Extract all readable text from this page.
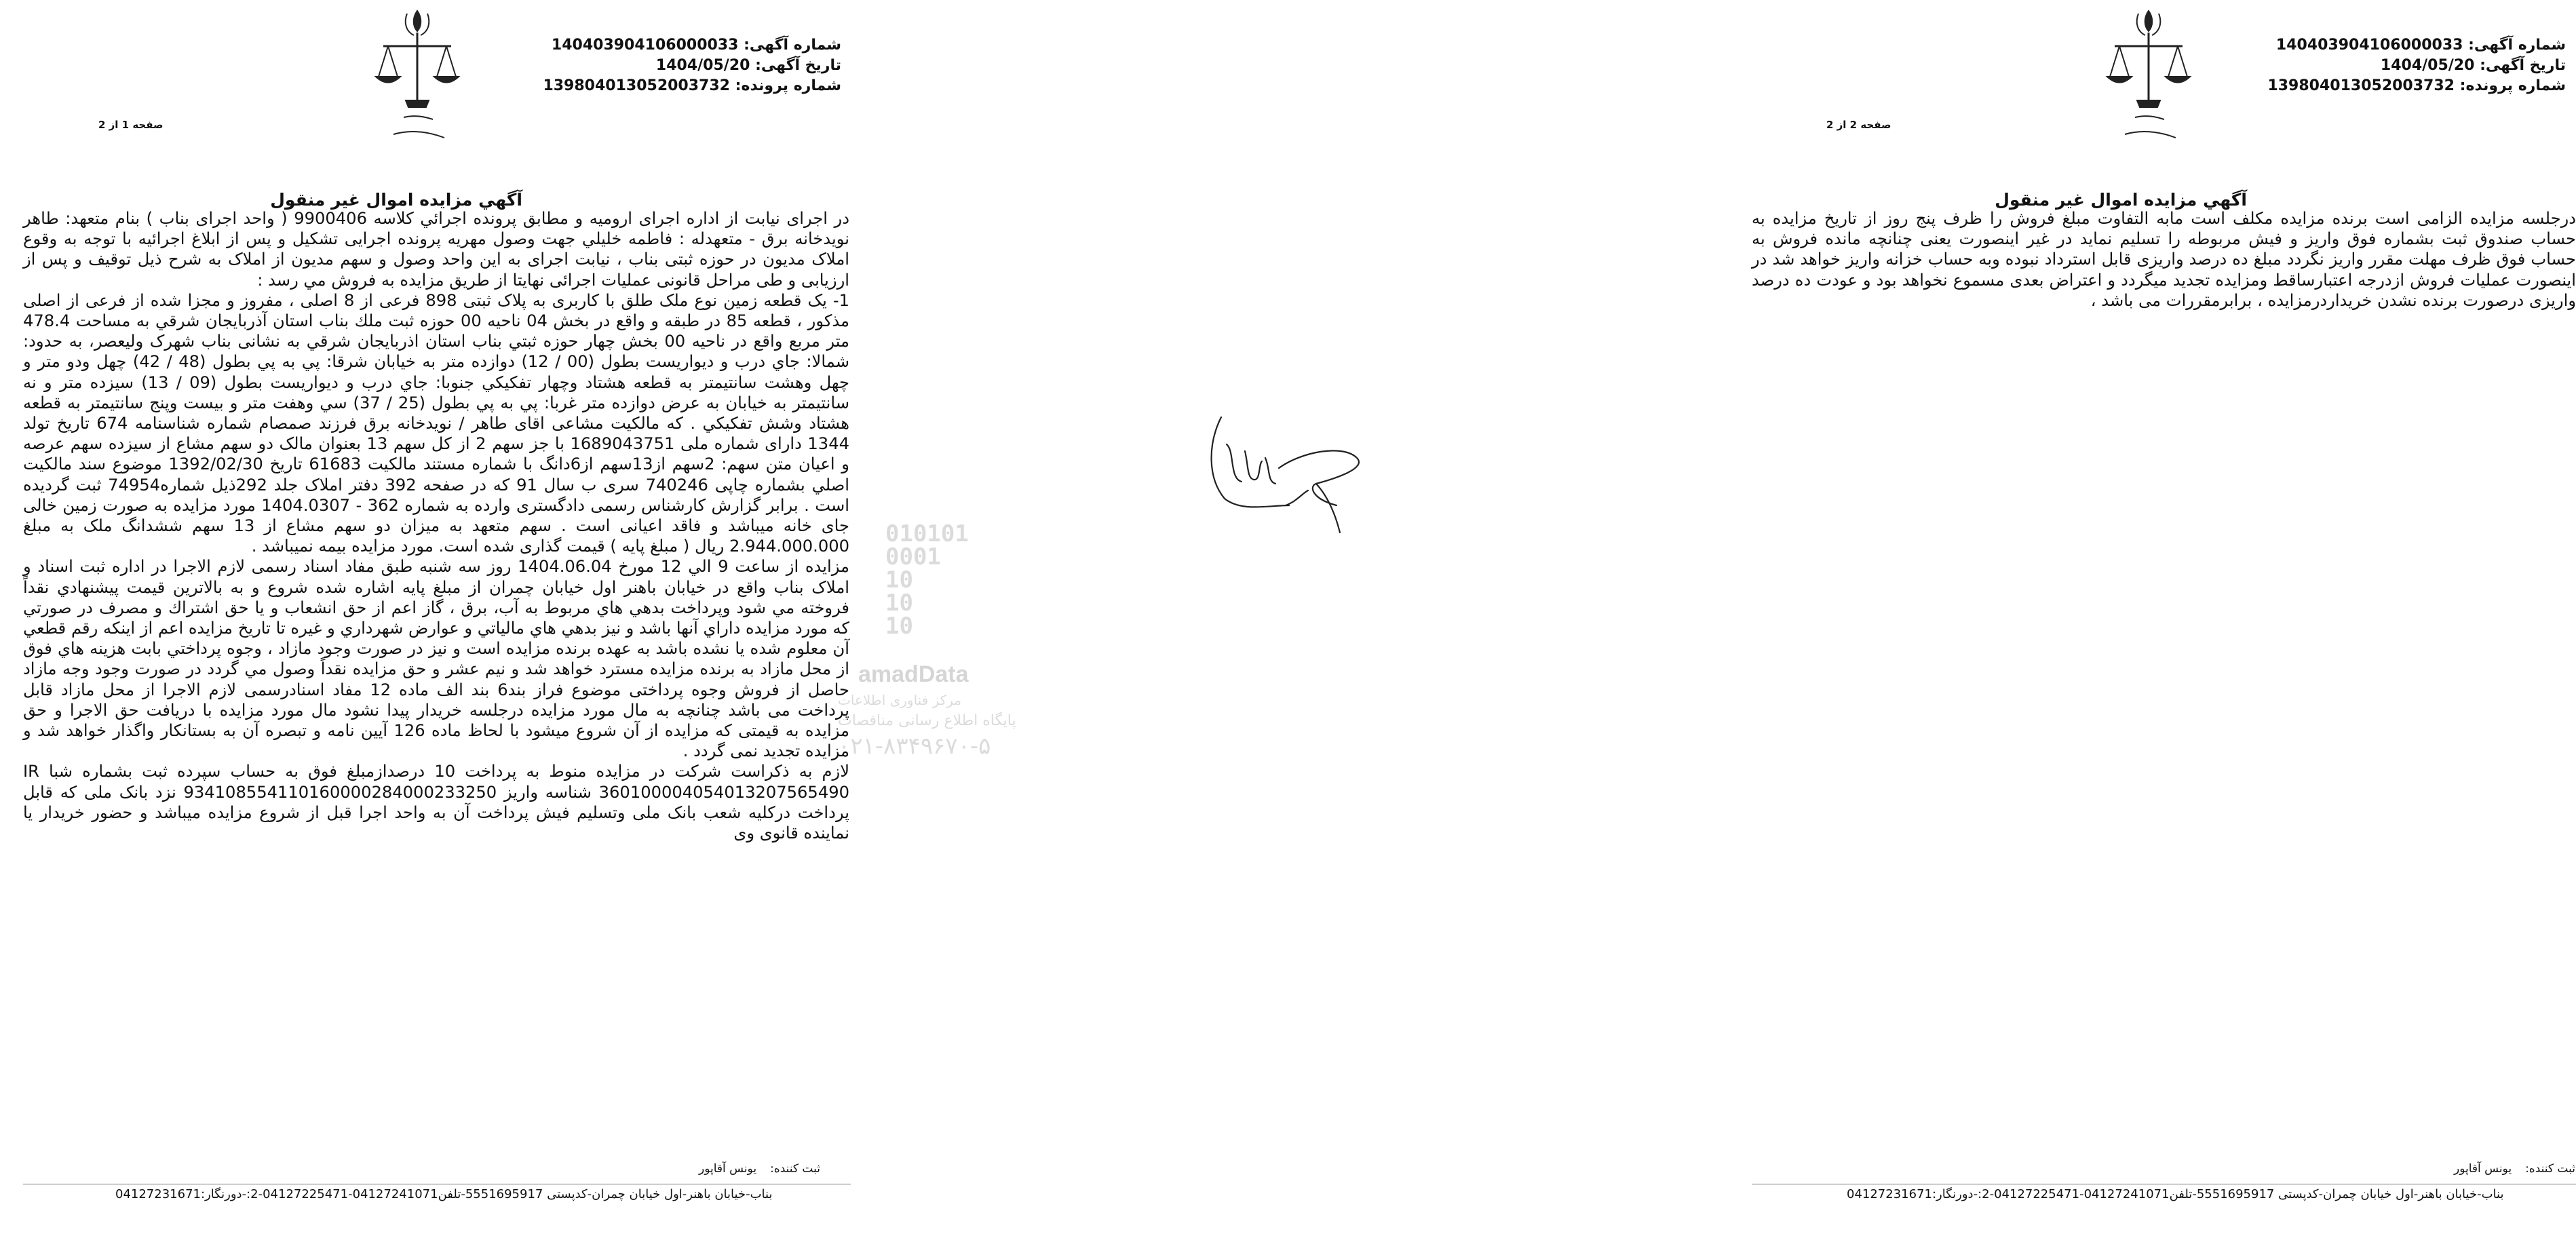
شماره آگهی: 140403904106000033
تاریخ آگهی: 1404/05/20
شماره پرونده: 139804013052003732
صفحه 1 از 2
آگهي مزايده اموال غير منقول

در اجرای نیابت از اداره اجرای ارومیه و مطابق پرونده اجرائي كلاسه 9900406 ( واحد اجرای بناب ) بنام متعهد: طاهر نویدخانه برق - متعهدله : فاطمه خليلي جهت وصول مهريه پرونده اجرایی تشکیل و پس از ابلاغ اجرائیه با توجه به وقوع املاک مدیون در حوزه ثبتی بناب ، نیابت اجرای به این واحد وصول و سهم مدیون از املاک به شرح ذیل توقیف و پس از ارزیابی و طی مراحل قانونی عملیات اجرائی نهایتا از طریق مزایده به فروش مي رسد :

1- یک قطعه زمین نوع ملک طلق با کاربری به پلاک ثبتی 898 فرعی از 8 اصلی ، مفروز و مجزا شده از فرعی از اصلی مذکور ، قطعه 85 در طبقه و واقع در بخش 04 ناحیه 00 حوزه ثبت ملك بناب استان آذربایجان شرقي به مساحت 478.4 متر مربع واقع در ناحيه 00 بخش چهار حوزه ثبتي بناب استان اذربايجان شرقي به نشانی بناب شهرک ولیعصر، به حدود: شمالا: جاي درب و ديواريست بطول (00 / 12) دوازده متر به خيابان شرقا: پي به پي بطول (48 / 42) چهل ودو متر و چهل وهشت سانتيمتر به قطعه هشتاد وچهار تفكيكي جنوبا: جاي درب و ديواريست بطول (09 / 13) سيزده متر و نه سانتيمتر به خيابان به عرض دوازده متر غربا: پي به پي بطول (25 / 37) سي وهفت متر و بيست وپنج سانتيمتر به قطعه هشتاد وشش تفكيكي . که مالکیت مشاعی اقای طاهر / نويدخانه برق فرزند صمصام شماره شناسنامه 674 تاريخ تولد 1344 دارای شماره ملی 1689043751 با جز سهم 2 از کل سهم 13 بعنوان مالک دو سهم مشاع از سیزده سهم عرصه و اعیان متن سهم: 2سهم از13سهم از6دانگ با شماره مستند مالكيت 61683 تاريخ 1392/02/30 موضوع سند مالكيت اصلي بشماره چاپی 740246 سری ب سال 91 كه در صفحه 392 دفتر املاک جلد 292ذيل شماره74954 ثبت گرديده است . برابر گزارش کارشناس رسمی دادگستری وارده به شماره 362 - 1404.0307 مورد مزایده به صورت زمین خالی جای خانه میباشد و فاقد اعیانی است . سهم متعهد به میزان دو سهم مشاع از 13 سهم ششدانگ ملک به مبلغ 2.944.000.000 ريال ( مبلغ پايه ) قیمت گذاری شده است. مورد مزایده بیمه نمیباشد .

مزایده از ساعت 9 الي 12 مورخ 1404.06.04 روز سه شنبه طبق مفاد اسناد رسمی لازم الاجرا در اداره ثبت اسناد و املاک بناب واقع در خیابان باهنر اول خیابان چمران از مبلغ پایه اشاره شده شروع و به بالاترين قيمت پيشنهادي نقداً فروخته مي شود وپرداخت بدهي هاي مربوط به آب، برق ، گاز اعم از حق انشعاب و يا حق اشتراك و مصرف در صورتي كه مورد مزايده داراي آنها باشد و نيز بدهي هاي مالياتي و عوارض شهرداري و غيره تا تاريخ مزايده اعم از اينكه رقم قطعي آن معلوم شده يا نشده باشد به عهده برنده مزايده است و نيز در صورت وجود مازاد ، وجوه پرداختي بابت هزينه هاي فوق از محل مازاد به برنده مزايده مسترد خواهد شد و نيم عشر و حق مزايده نقداً وصول مي گردد در صورت وجود وجه مازاد حاصل از فروش وجوه پرداختی موضوع فراز بند6 بند الف ماده 12 مفاد اسنادرسمی لازم الاجرا از محل مازاد قابل پرداخت می باشد چنانچه به مال مورد مزایده درجلسه خریدار پیدا نشود مال مورد مزایده با دریافت حق الاجرا و حق مزایده به قیمتی که مزایده از آن شروع میشود با لحاظ ماده 126 آيين نامه و تبصره آن به بستانکار واگذار خواهد شد و مزايده تجديد نمی گردد .

لازم به ذكراست شركت در مزايده منوط به پرداخت 10 درصدازمبلغ فوق به حساب سپرده ثبت بشماره شبا IR 360100004054013207565490 شناسه واریز 934108554110160000284000233250 نزد بانک ملی كه قابل پرداخت دركليه شعب بانک ملی وتسليم فیش پرداخت آن به واحد اجرا قبل از شروع مزایده میباشد و حضور خريدار يا نماينده قانوی وی

ثبت کننده:یونس آقاپور
بناب-خیابان باهنر-اول خیابان چمران-کدپستی 5551695917-تلفن04127241071-04127225471-2:-دورنگار:04127231671
شماره آگهی: 140403904106000033
تاریخ آگهی: 1404/05/20
شماره پرونده: 139804013052003732
صفحه 2 از 2
آگهي مزايده اموال غير منقول

درجلسه مزایده الزامی است برنده مزایده مکلف است مابه التفاوت مبلغ فروش را ظرف پنج روز از تاریخ مزایده به حساب صندوق ثبت بشماره فوق واریز و فیش مربوطه را تسلیم نماید در غیر اینصورت یعنی چنانچه مانده فروش به حساب فوق ظرف مهلت مقرر واریز نگردد مبلغ ده درصد واریزی قابل استرداد نبوده وبه حساب خزانه واریز خواهد شد در اینصورت عملیات فروش ازدرجه اعتبارساقط ومزایده تجدید میگردد و اعتراض بعدی مسموع نخواهد بود و عودت ده درصد واریزی درصورت برنده نشدن خریداردرمزایده ، برابرمقررات می باشد ،

ثبت کننده:یونس آقاپور
بناب-خیابان باهنر-اول خیابان چمران-کدپستی 5551695917-تلفن04127241071-04127225471-2:-دورنگار:04127231671
010101
0001
10
10
10
amadData
مرکز فناوری اطلاعات
پایگاه اطلاع رسانی مناقصات
۰۲۱-۸۳۴۹۶۷۰-۵
